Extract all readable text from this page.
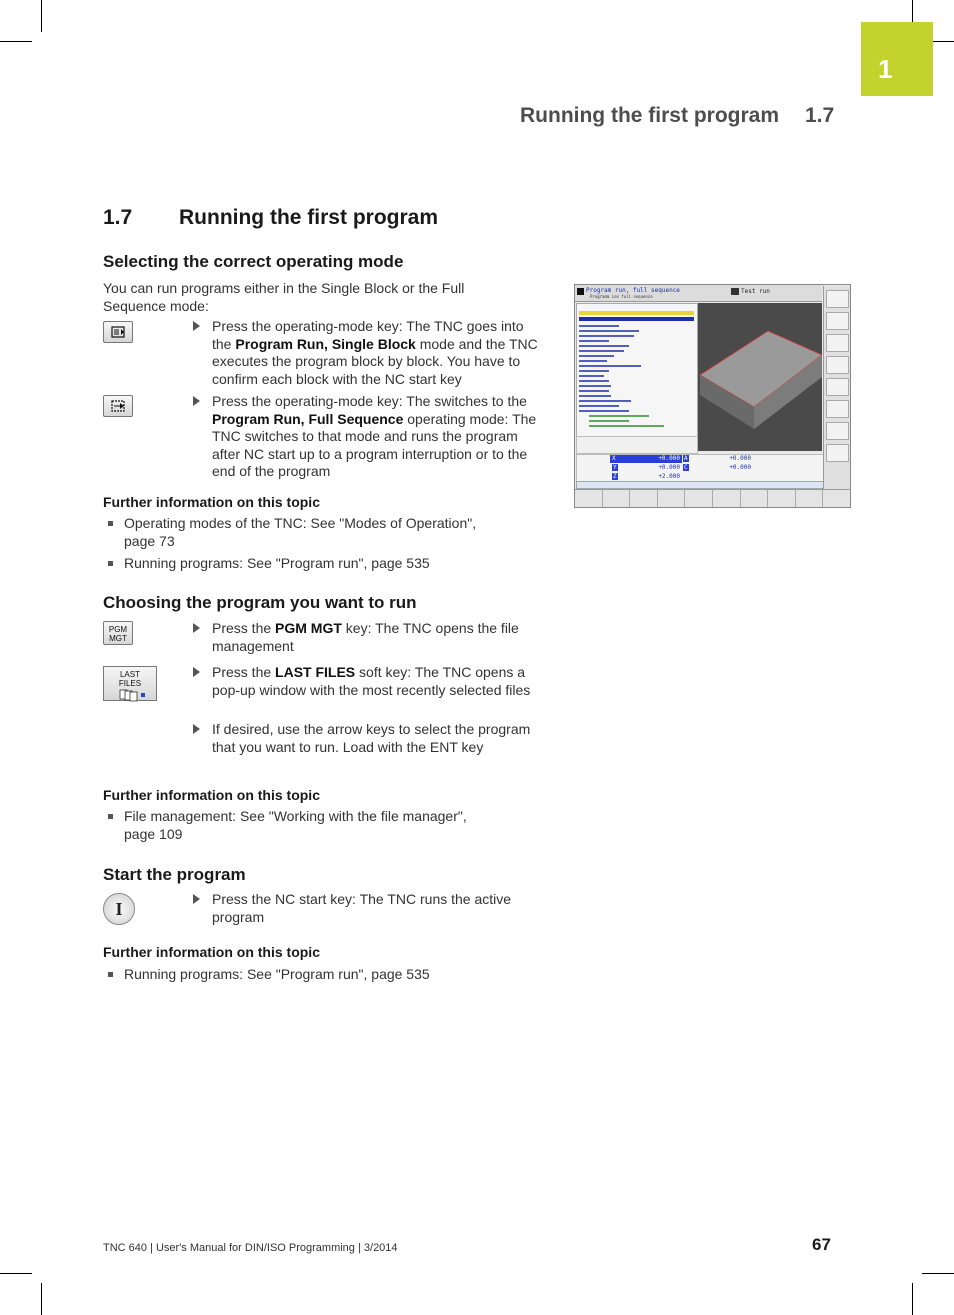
1
Running the first program 1.7
1.7 Running the first program
Selecting the correct operating mode
You can run programs either in the Single Block or the Full Sequence mode:
Press the operating-mode key: The TNC goes into the Program Run, Single Block mode and the TNC executes the program block by block. You have to confirm each block with the NC start key
Press the operating-mode key: The switches to the Program Run, Full Sequence operating mode: The TNC switches to that mode and runs the program after NC start up to a program interruption or to the end of the program
Further information on this topic
Operating modes of the TNC: See "Modes of Operation", page 73
Running programs: See "Program run", page 535
Choosing the program you want to run
PGM MGT
Press the PGM MGT key: The TNC opens the file management
LAST FILES
Press the LAST FILES soft key: The TNC opens a pop-up window with the most recently selected files
If desired, use the arrow keys to select the program that you want to run. Load with the ENT key
Further information on this topic
File management: See "Working with the file manager", page 109
Start the program
I	Press the NC start key: The TNC runs the active program
Further information on this topic
Running programs: See "Program run", page 535
Program run, full sequence
Programm ion full sequence
Test run
X	+0.000
Y	+0.000
Z	+2.000
A	+0.000
C	+0.000
TNC 640 | User's Manual for DIN/ISO Programming | 3/2014	67
